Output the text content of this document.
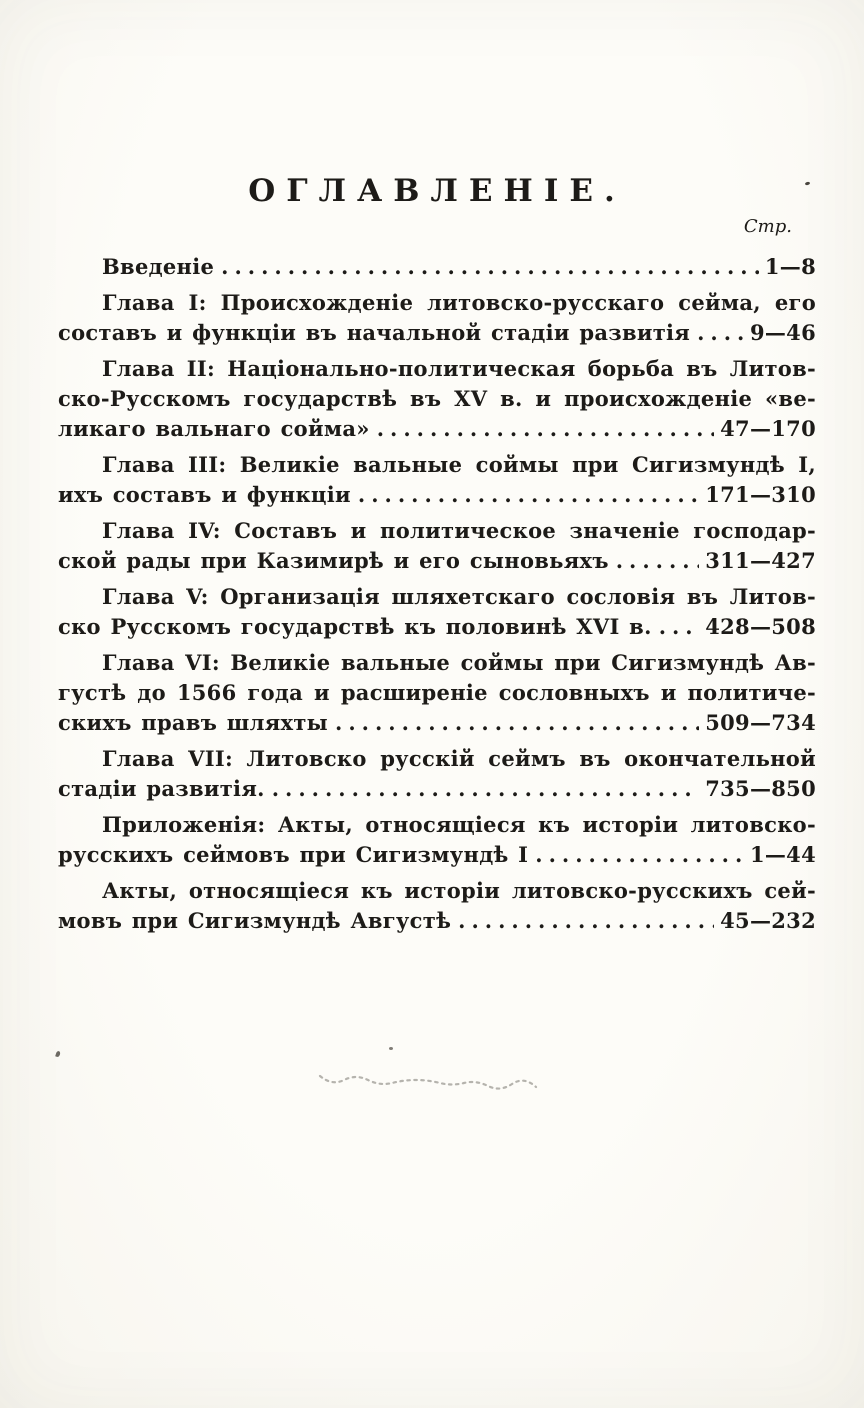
ОГЛАВЛЕНІЕ.
Стр.
Введеніе .....	1—8
Глава I: Происхожденіе литовско-русскаго сейма, его
составъ и функціи въ начальной стадіи развитія .....	9—46
Глава II: Національно-политическая борьба въ Литов-
ско-Русскомъ государствѣ въ XV в. и происхожденіе «ве-
ликаго вальнаго сойма» .....	47—170
Глава III: Великіе вальные соймы при Сигизмундѣ I,
ихъ составъ и функціи .....	171—310
Глава IV: Составъ и политическое значеніе господар-
ской рады при Казимирѣ и его сыновьяхъ .....	311—427
Глава V: Организація шляхетскаго сословія въ Литов-
ско Русскомъ государствѣ къ половинѣ XVI в. .....	428—508
Глава VI: Великіе вальные соймы при Сигизмундѣ Ав-
густѣ до 1566 года и расширеніе сословныхъ и политиче-
скихъ правъ шляхты .....	509—734
Глава VII: Литовско русскій сеймъ въ окончательной
стадіи развитія. .....	735—850
Приложенія: Акты, относящіеся къ исторіи литовско-
русскихъ сеймовъ при Сигизмундѣ I .....	1—44
Акты, относящіеся къ исторіи литовско-русскихъ сей-
мовъ при Сигизмундѣ Августѣ .....	45—232
